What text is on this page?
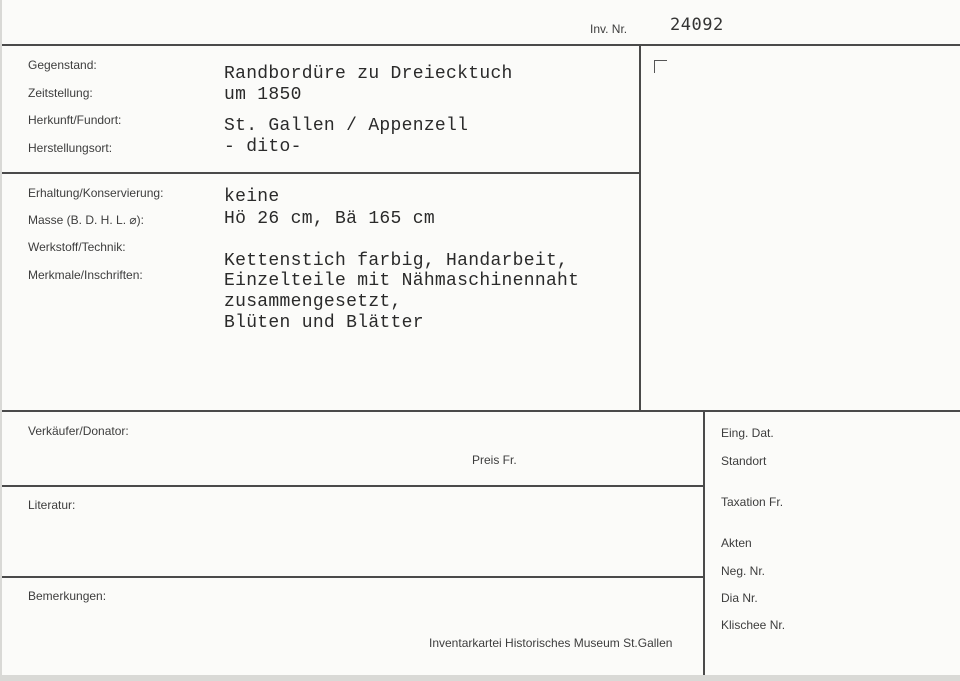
Inv. Nr.	24092
Gegenstand:
Zeitstellung:
Herkunft/Fundort:
Herstellungsort:
Randbordüre zu Dreiecktuch
um 1850
St. Gallen / Appenzell
- dito-
Erhaltung/Konservierung:
Masse (B. D. H. L. ⌀):
Werkstoff/Technik:
Merkmale/Inschriften:
keine
Hö 26 cm, Bä 165 cm
Kettenstich farbig, Handarbeit,
Einzelteile mit Nähmaschinennaht
zusammengesetzt,
Blüten und Blätter
Verkäufer/Donator:
Preis Fr.
Literatur:
Bemerkungen:
Inventarkartei Historisches Museum St.Gallen
Eing. Dat.
Standort
Taxation Fr.
Akten
Neg. Nr.
Dia Nr.
Klischee Nr.
